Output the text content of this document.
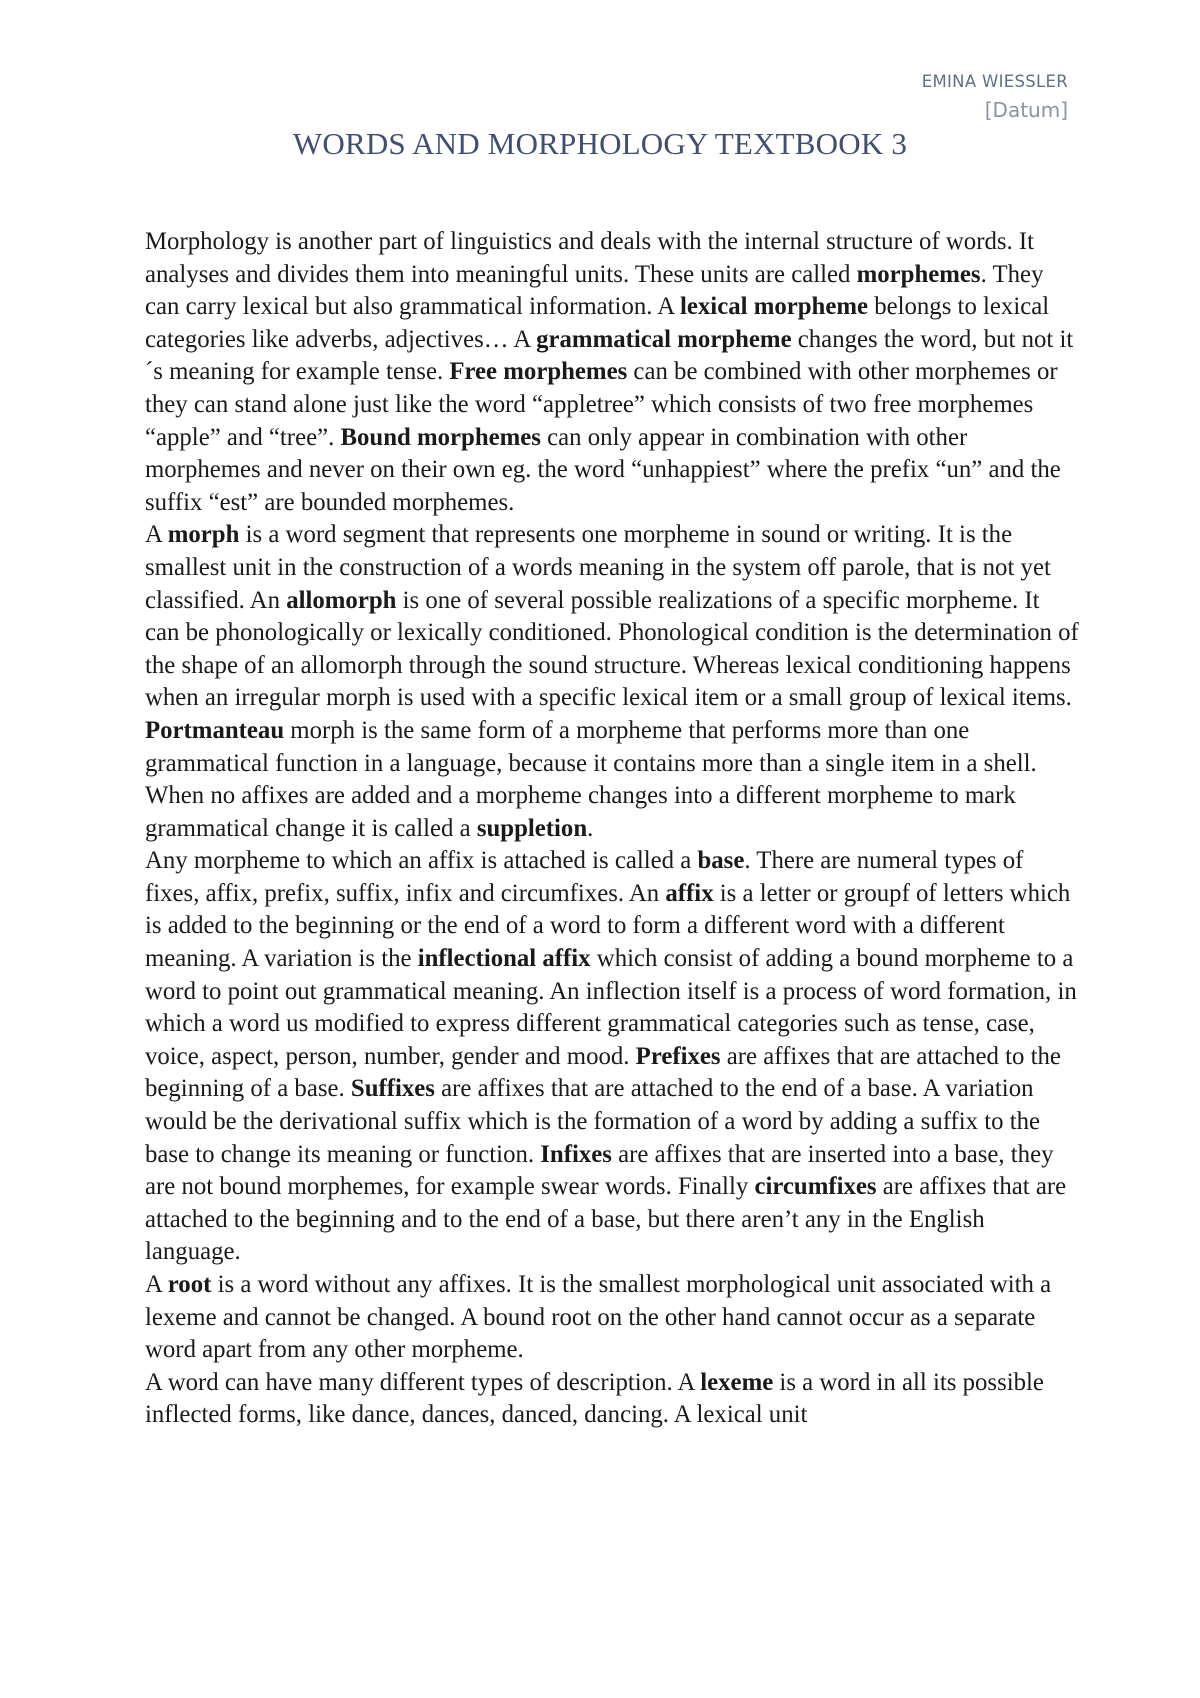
EMINA WIESSLER
[Datum]
WORDS AND MORPHOLOGY TEXTBOOK 3

Morphology is another part of linguistics and deals with the internal structure of words. It analyses and divides them into meaningful units. These units are called morphemes. They can carry lexical but also grammatical information. A lexical morpheme belongs to lexical categories like adverbs, adjectives… A grammatical morpheme changes the word, but not it´s meaning for example tense. Free morphemes can be combined with other morphemes or they can stand alone just like the word “appletree” which consists of two free morphemes “apple” and “tree”. Bound morphemes can only appear in combination with other morphemes and never on their own eg. the word “unhappiest” where the prefix “un” and the suffix “est” are bounded morphemes.

A morph is a word segment that represents one morpheme in sound or writing. It is the smallest unit in the construction of a words meaning in the system off parole, that is not yet classified. An allomorph is one of several possible realizations of a specific morpheme. It can be phonologically or lexically conditioned. Phonological condition is the determination of the shape of an allomorph through the sound structure. Whereas lexical conditioning happens when an irregular morph is used with a specific lexical item or a small group of lexical items. Portmanteau morph is the same form of a morpheme that performs more than one grammatical function in a language, because it contains more than a single item in a shell. When no affixes are added and a morpheme changes into a different morpheme to mark grammatical change it is called a suppletion.

Any morpheme to which an affix is attached is called a base. There are numeral types of fixes, affix, prefix, suffix, infix and circumfixes. An affix is a letter or groupf of letters which is added to the beginning or the end of a word to form a different word with a different meaning. A variation is the inflectional affix which consist of adding a bound morpheme to a word to point out grammatical meaning. An inflection itself is a process of word formation, in which a word us modified to express different grammatical categories such as tense, case, voice, aspect, person, number, gender and mood. Prefixes are affixes that are attached to the beginning of a base. Suffixes are affixes that are attached to the end of a base. A variation would be the derivational suffix which is the formation of a word by adding a suffix to the base to change its meaning or function. Infixes are affixes that are inserted into a base, they are not bound morphemes, for example swear words. Finally circumfixes are affixes that are attached to the beginning and to the end of a base, but there aren’t any in the English language.

A root is a word without any affixes. It is the smallest morphological unit associated with a lexeme and cannot be changed. A bound root on the other hand cannot occur as a separate word apart from any other morpheme.

A word can have many different types of description. A lexeme is a word in all its possible inflected forms, like dance, dances, danced, dancing. A lexical unit
